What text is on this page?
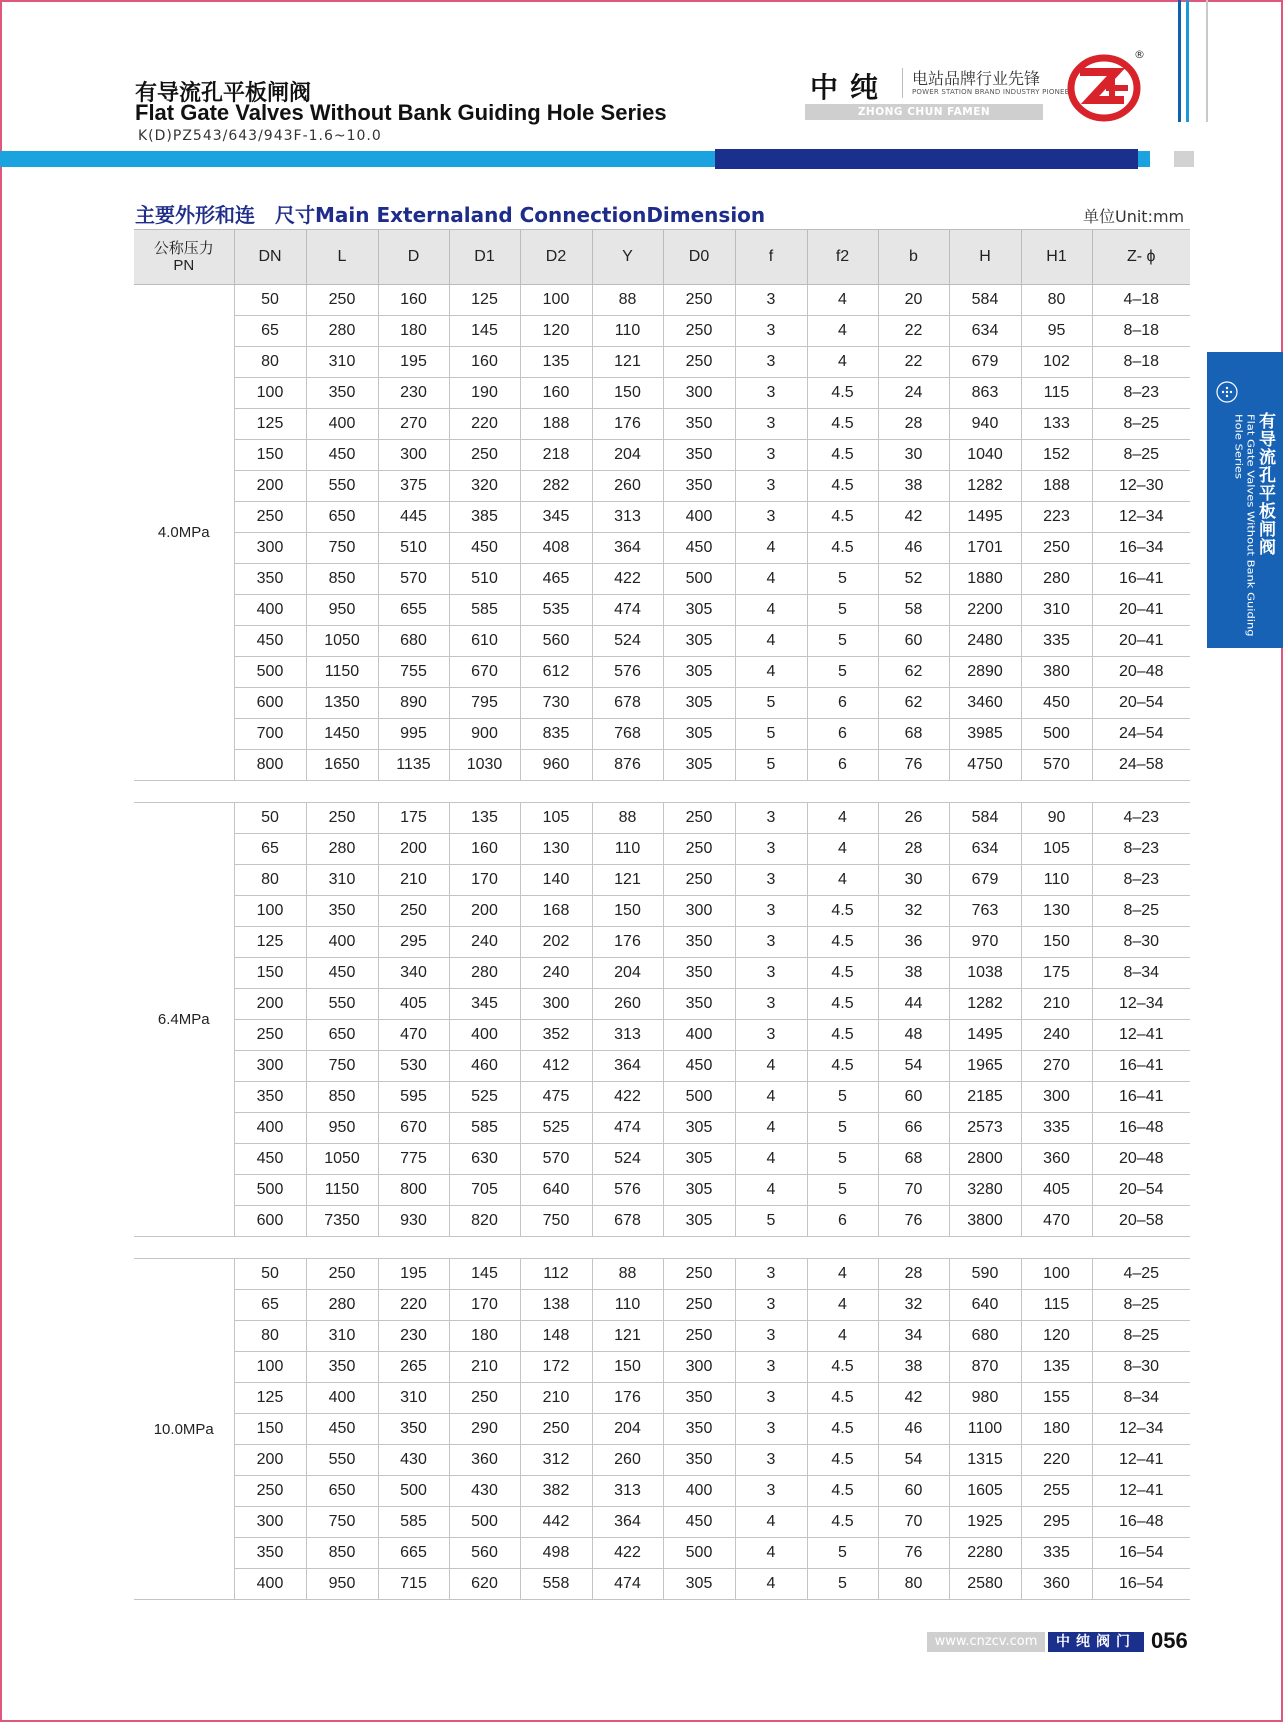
有导流孔平板闸阀
Flat Gate Valves Without Bank Guiding Hole Series
K(D)PZ543/643/943F-1.6~10.0
中纯 电站品牌行业先锋
POWER STATION BRAND INDUSTRY PIONEER
ZHONG CHUN FAMEN YOUXIANGONGSI
®
有导流孔平板闸阀
Flat Gate Valves Without Bank Guiding Hole Series
主要外形和连　尺寸Main Externaland ConnectionDimension	单位Unit:mm
公称压力
PN	DN	L	D	D1	D2	Y	D0	f	f2	b	H	H1	Z- ϕ
4.0MPa	50	250	160	125	100	88	250	3	4	20	584	80	4–18
	65	280	180	145	120	110	250	3	4	22	634	95	8–18
	80	310	195	160	135	121	250	3	4	22	679	102	8–18
	100	350	230	190	160	150	300	3	4.5	24	863	115	8–23
	125	400	270	220	188	176	350	3	4.5	28	940	133	8–25
	150	450	300	250	218	204	350	3	4.5	30	1040	152	8–25
	200	550	375	320	282	260	350	3	4.5	38	1282	188	12–30
	250	650	445	385	345	313	400	3	4.5	42	1495	223	12–34
	300	750	510	450	408	364	450	4	4.5	46	1701	250	16–34
	350	850	570	510	465	422	500	4	5	52	1880	280	16–41
	400	950	655	585	535	474	305	4	5	58	2200	310	20–41
	450	1050	680	610	560	524	305	4	5	60	2480	335	20–41
	500	1150	755	670	612	576	305	4	5	62	2890	380	20–48
	600	1350	890	795	730	678	305	5	6	62	3460	450	20–54
	700	1450	995	900	835	768	305	5	6	68	3985	500	24–54
	800	1650	1135	1030	960	876	305	5	6	76	4750	570	24–58

6.4MPa	50	250	175	135	105	88	250	3	4	26	584	90	4–23
	65	280	200	160	130	110	250	3	4	28	634	105	8–23
	80	310	210	170	140	121	250	3	4	30	679	110	8–23
	100	350	250	200	168	150	300	3	4.5	32	763	130	8–25
	125	400	295	240	202	176	350	3	4.5	36	970	150	8–30
	150	450	340	280	240	204	350	3	4.5	38	1038	175	8–34
	200	550	405	345	300	260	350	3	4.5	44	1282	210	12–34
	250	650	470	400	352	313	400	3	4.5	48	1495	240	12–41
	300	750	530	460	412	364	450	4	4.5	54	1965	270	16–41
	350	850	595	525	475	422	500	4	5	60	2185	300	16–41
	400	950	670	585	525	474	305	4	5	66	2573	335	16–48
	450	1050	775	630	570	524	305	4	5	68	2800	360	20–48
	500	1150	800	705	640	576	305	4	5	70	3280	405	20–54
	600	7350	930	820	750	678	305	5	6	76	3800	470	20–58

10.0MPa	50	250	195	145	112	88	250	3	4	28	590	100	4–25
	65	280	220	170	138	110	250	3	4	32	640	115	8–25
	80	310	230	180	148	121	250	3	4	34	680	120	8–25
	100	350	265	210	172	150	300	3	4.5	38	870	135	8–30
	125	400	310	250	210	176	350	3	4.5	42	980	155	8–34
	150	450	350	290	250	204	350	3	4.5	46	1100	180	12–34
	200	550	430	360	312	260	350	3	4.5	54	1315	220	12–41
	250	650	500	430	382	313	400	3	4.5	60	1605	255	12–41
	300	750	585	500	442	364	450	4	4.5	70	1925	295	16–48
	350	850	665	560	498	422	500	4	5	76	2280	335	16–54
	400	950	715	620	558	474	305	4	5	80	2580	360	16–54
www.cnzcv.com	中纯阀门 056
